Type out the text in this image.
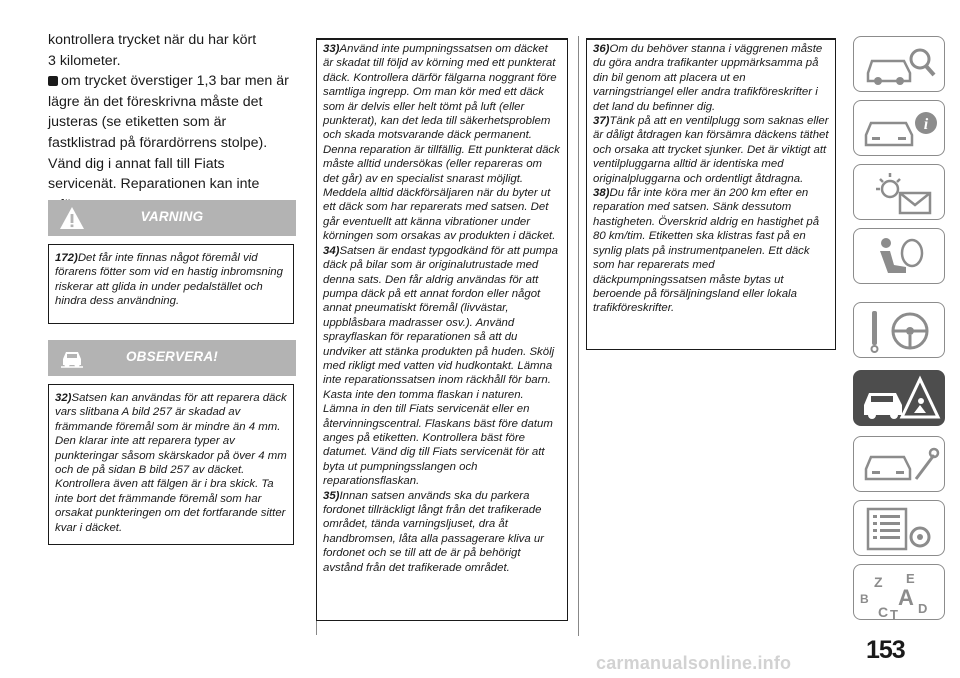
kontrollera trycket när du har kört

3 kilometer.

om trycket överstiger 1,3 bar men är

lägre än det föreskrivna måste det justeras (se etiketten som är fastklistrad på förardörrens stolpe). Vänd dig i annat fall till Fiats servicenät. Reparationen kan inte

VARNING

172)Det får inte finnas något föremål vid förarens fötter som vid en hastig inbromsning riskerar att glida in under pedalstället och hindra dess användning.

OBSERVERA!

32)Satsen kan användas för att reparera däck vars slitbana A bild 257 är skadad av främmande föremål som är mindre än 4 mm. Den klarar inte att reparera typer av punkteringar såsom skärskador på över 4 mm och de på sidan B bild 257 av däcket. Kontrollera även att fälgen är i bra skick. Ta inte bort det främmande föremål som har orsakat punkteringen om det fortfarande sitter kvar i däcket.

33)Använd inte pumpningssatsen om däcket är skadat till följd av körning med ett punkterat däck. Kontrollera därför fälgarna noggrant före samtliga ingrepp. Om man kör med ett däck som är delvis eller helt tömt på luft (eller punkterat), kan det leda till säkerhetsproblem och skada motsvarande däck permanent. Denna reparation är tillfällig. Ett punkterat däck måste alltid undersökas (eller repareras om det går) av en specialist snarast möjligt. Meddela alltid däckförsäljaren när du byter ut ett däck som har reparerats med satsen. Det går eventuellt att känna vibrationer under körningen som orsakas av produkten i däcket.

34)Satsen är endast typgodkänd för att pumpa däck på bilar som är originalutrustade med denna sats. Den får aldrig användas för att pumpa däck på ett annat fordon eller något annat pneumatiskt föremål (livvästar, uppblåsbara madrasser osv.). Använd sprayflaskan för reparationen så att du undviker att stänka produkten på huden. Skölj med rikligt med vatten vid hudkontakt. Lämna inte reparationssatsen inom räckhåll för barn. Kasta inte den tomma flaskan i naturen. Lämna in den till Fiats servicenät eller en återvinningscentral. Flaskans bäst före datum anges på etiketten. Kontrollera bäst före datumet. Vänd dig till Fiats servicenät för att byta ut pumpningsslangen och reparationsflaskan.

35)Innan satsen används ska du parkera fordonet tillräckligt långt från det trafikerade området, tända varningsljuset, dra åt handbromsen, låta alla passagerare kliva ur fordonet och se till att de är på behörigt avstånd från det trafikerade området.

36)Om du behöver stanna i väggrenen måste du göra andra trafikanter uppmärksamma på din bil genom att placera ut en varningstriangel eller andra trafikföreskrifter i det land du befinner dig.

37)Tänk på att en ventilplugg som saknas eller är dåligt åtdragen kan försämra däckens täthet och orsaka att trycket sjunker. Det är viktigt att ventilpluggarna alltid är identiska med originalpluggarna och ordentligt åtdragna.

38)Du får inte köra mer än 200 km efter en reparation med satsen. Sänk dessutom hastigheten. Överskrid aldrig en hastighet på 80 km/tim. Etiketten ska klistras fast på en synlig plats på instrumentpanelen. Ett däck som har reparerats med däckpumpningssatsen måste bytas ut beroende på försäljningsland eller lokala trafikföreskrifter.

i
Z E
B A
C T D
153
carmanualsonline.info
